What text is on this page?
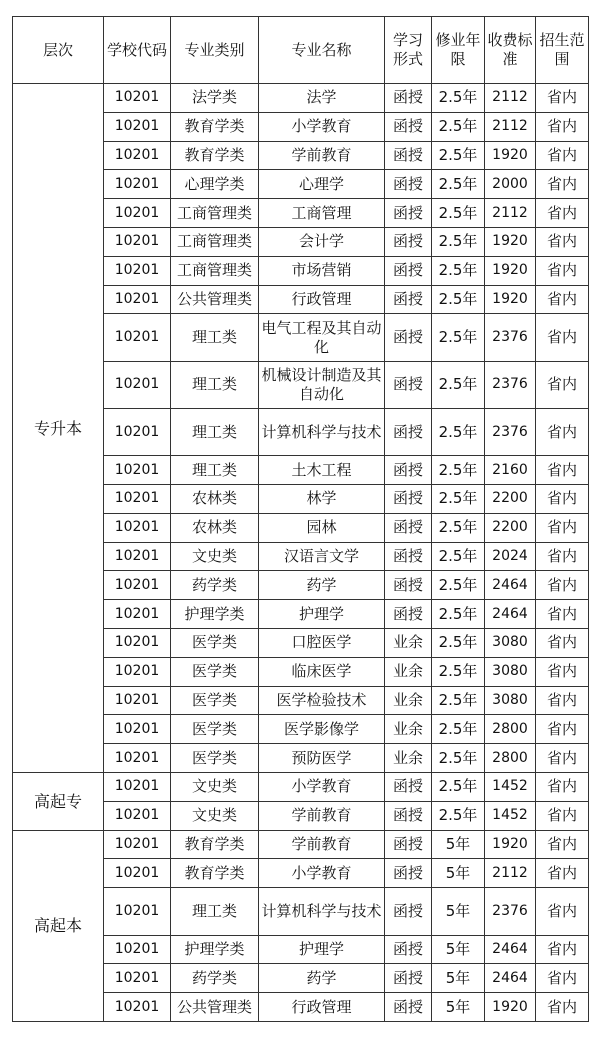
层次	学校代码	专业类别	专业名称	学习形式	修业年限	收费标准	招生范围
专升本	10201	法学类	法学	函授	2.5年	2112	省内
	10201	教育学类	小学教育	函授	2.5年	2112	省内
	10201	教育学类	学前教育	函授	2.5年	1920	省内
	10201	心理学类	心理学	函授	2.5年	2000	省内
	10201	工商管理类	工商管理	函授	2.5年	2112	省内
	10201	工商管理类	会计学	函授	2.5年	1920	省内
	10201	工商管理类	市场营销	函授	2.5年	1920	省内
	10201	公共管理类	行政管理	函授	2.5年	1920	省内
	10201	理工类	电气工程及其自动化	函授	2.5年	2376	省内
	10201	理工类	机械设计制造及其自动化	函授	2.5年	2376	省内
	10201	理工类	计算机科学与技术	函授	2.5年	2376	省内
	10201	理工类	土木工程	函授	2.5年	2160	省内
	10201	农林类	林学	函授	2.5年	2200	省内
	10201	农林类	园林	函授	2.5年	2200	省内
	10201	文史类	汉语言文学	函授	2.5年	2024	省内
	10201	药学类	药学	函授	2.5年	2464	省内
	10201	护理学类	护理学	函授	2.5年	2464	省内
	10201	医学类	口腔医学	业余	2.5年	3080	省内
	10201	医学类	临床医学	业余	2.5年	3080	省内
	10201	医学类	医学检验技术	业余	2.5年	3080	省内
	10201	医学类	医学影像学	业余	2.5年	2800	省内
	10201	医学类	预防医学	业余	2.5年	2800	省内
高起专	10201	文史类	小学教育	函授	2.5年	1452	省内
	10201	文史类	学前教育	函授	2.5年	1452	省内
高起本	10201	教育学类	学前教育	函授	5年	1920	省内
	10201	教育学类	小学教育	函授	5年	2112	省内
	10201	理工类	计算机科学与技术	函授	5年	2376	省内
	10201	护理学类	护理学	函授	5年	2464	省内
	10201	药学类	药学	函授	5年	2464	省内
	10201	公共管理类	行政管理	函授	5年	1920	省内
